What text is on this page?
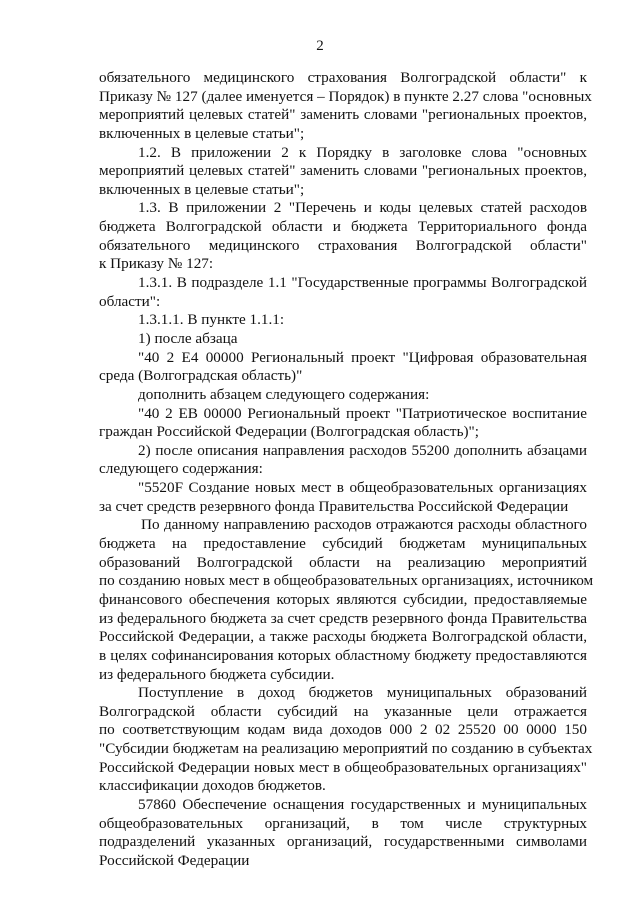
2
обязательного медицинского страхования Волгоградской области" к
Приказу № 127 (далее именуется – Порядок) в пункте 2.27 слова "основных
мероприятий целевых статей" заменить словами "региональных проектов,
включенных в целевые статьи";
1.2. В приложении 2 к Порядку в заголовке слова "основных
мероприятий целевых статей" заменить словами "региональных проектов,
включенных в целевые статьи";
1.3. В приложении 2 "Перечень и коды целевых статей расходов
бюджета Волгоградской области и бюджета Территориального фонда
обязательного медицинского страхования Волгоградской области"
к Приказу № 127:
1.3.1. В подразделе 1.1 "Государственные программы Волгоградской
области":
1.3.1.1. В пункте 1.1.1:
1) после абзаца
"40 2 Е4 00000 Региональный проект "Цифровая образовательная
среда (Волгоградская область)"
дополнить абзацем следующего содержания:
"40 2 ЕВ 00000 Региональный проект "Патриотическое воспитание
граждан Российской Федерации (Волгоградская область)";
2) после описания направления расходов 55200 дополнить абзацами
следующего содержания:
"5520F Создание новых мест в общеобразовательных организациях
за счет средств резервного фонда Правительства Российской Федерации
По данному направлению расходов отражаются расходы областного
бюджета на предоставление субсидий бюджетам муниципальных
образований Волгоградской области на реализацию мероприятий
по созданию новых мест в общеобразовательных организациях, источником
финансового обеспечения которых являются субсидии, предоставляемые
из федерального бюджета за счет средств резервного фонда Правительства
Российской Федерации, а также расходы бюджета Волгоградской области,
в целях софинансирования которых областному бюджету предоставляются
из федерального бюджета субсидии.
Поступление в доход бюджетов муниципальных образований
Волгоградской области субсидий на указанные цели отражается
по соответствующим кодам вида доходов 000 2 02 25520 00 0000 150
"Субсидии бюджетам на реализацию мероприятий по созданию в субъектах
Российской Федерации новых мест в общеобразовательных организациях"
классификации доходов бюджетов.
57860 Обеспечение оснащения государственных и муниципальных
общеобразовательных организаций, в том числе структурных
подразделений указанных организаций, государственными символами
Российской Федерации
